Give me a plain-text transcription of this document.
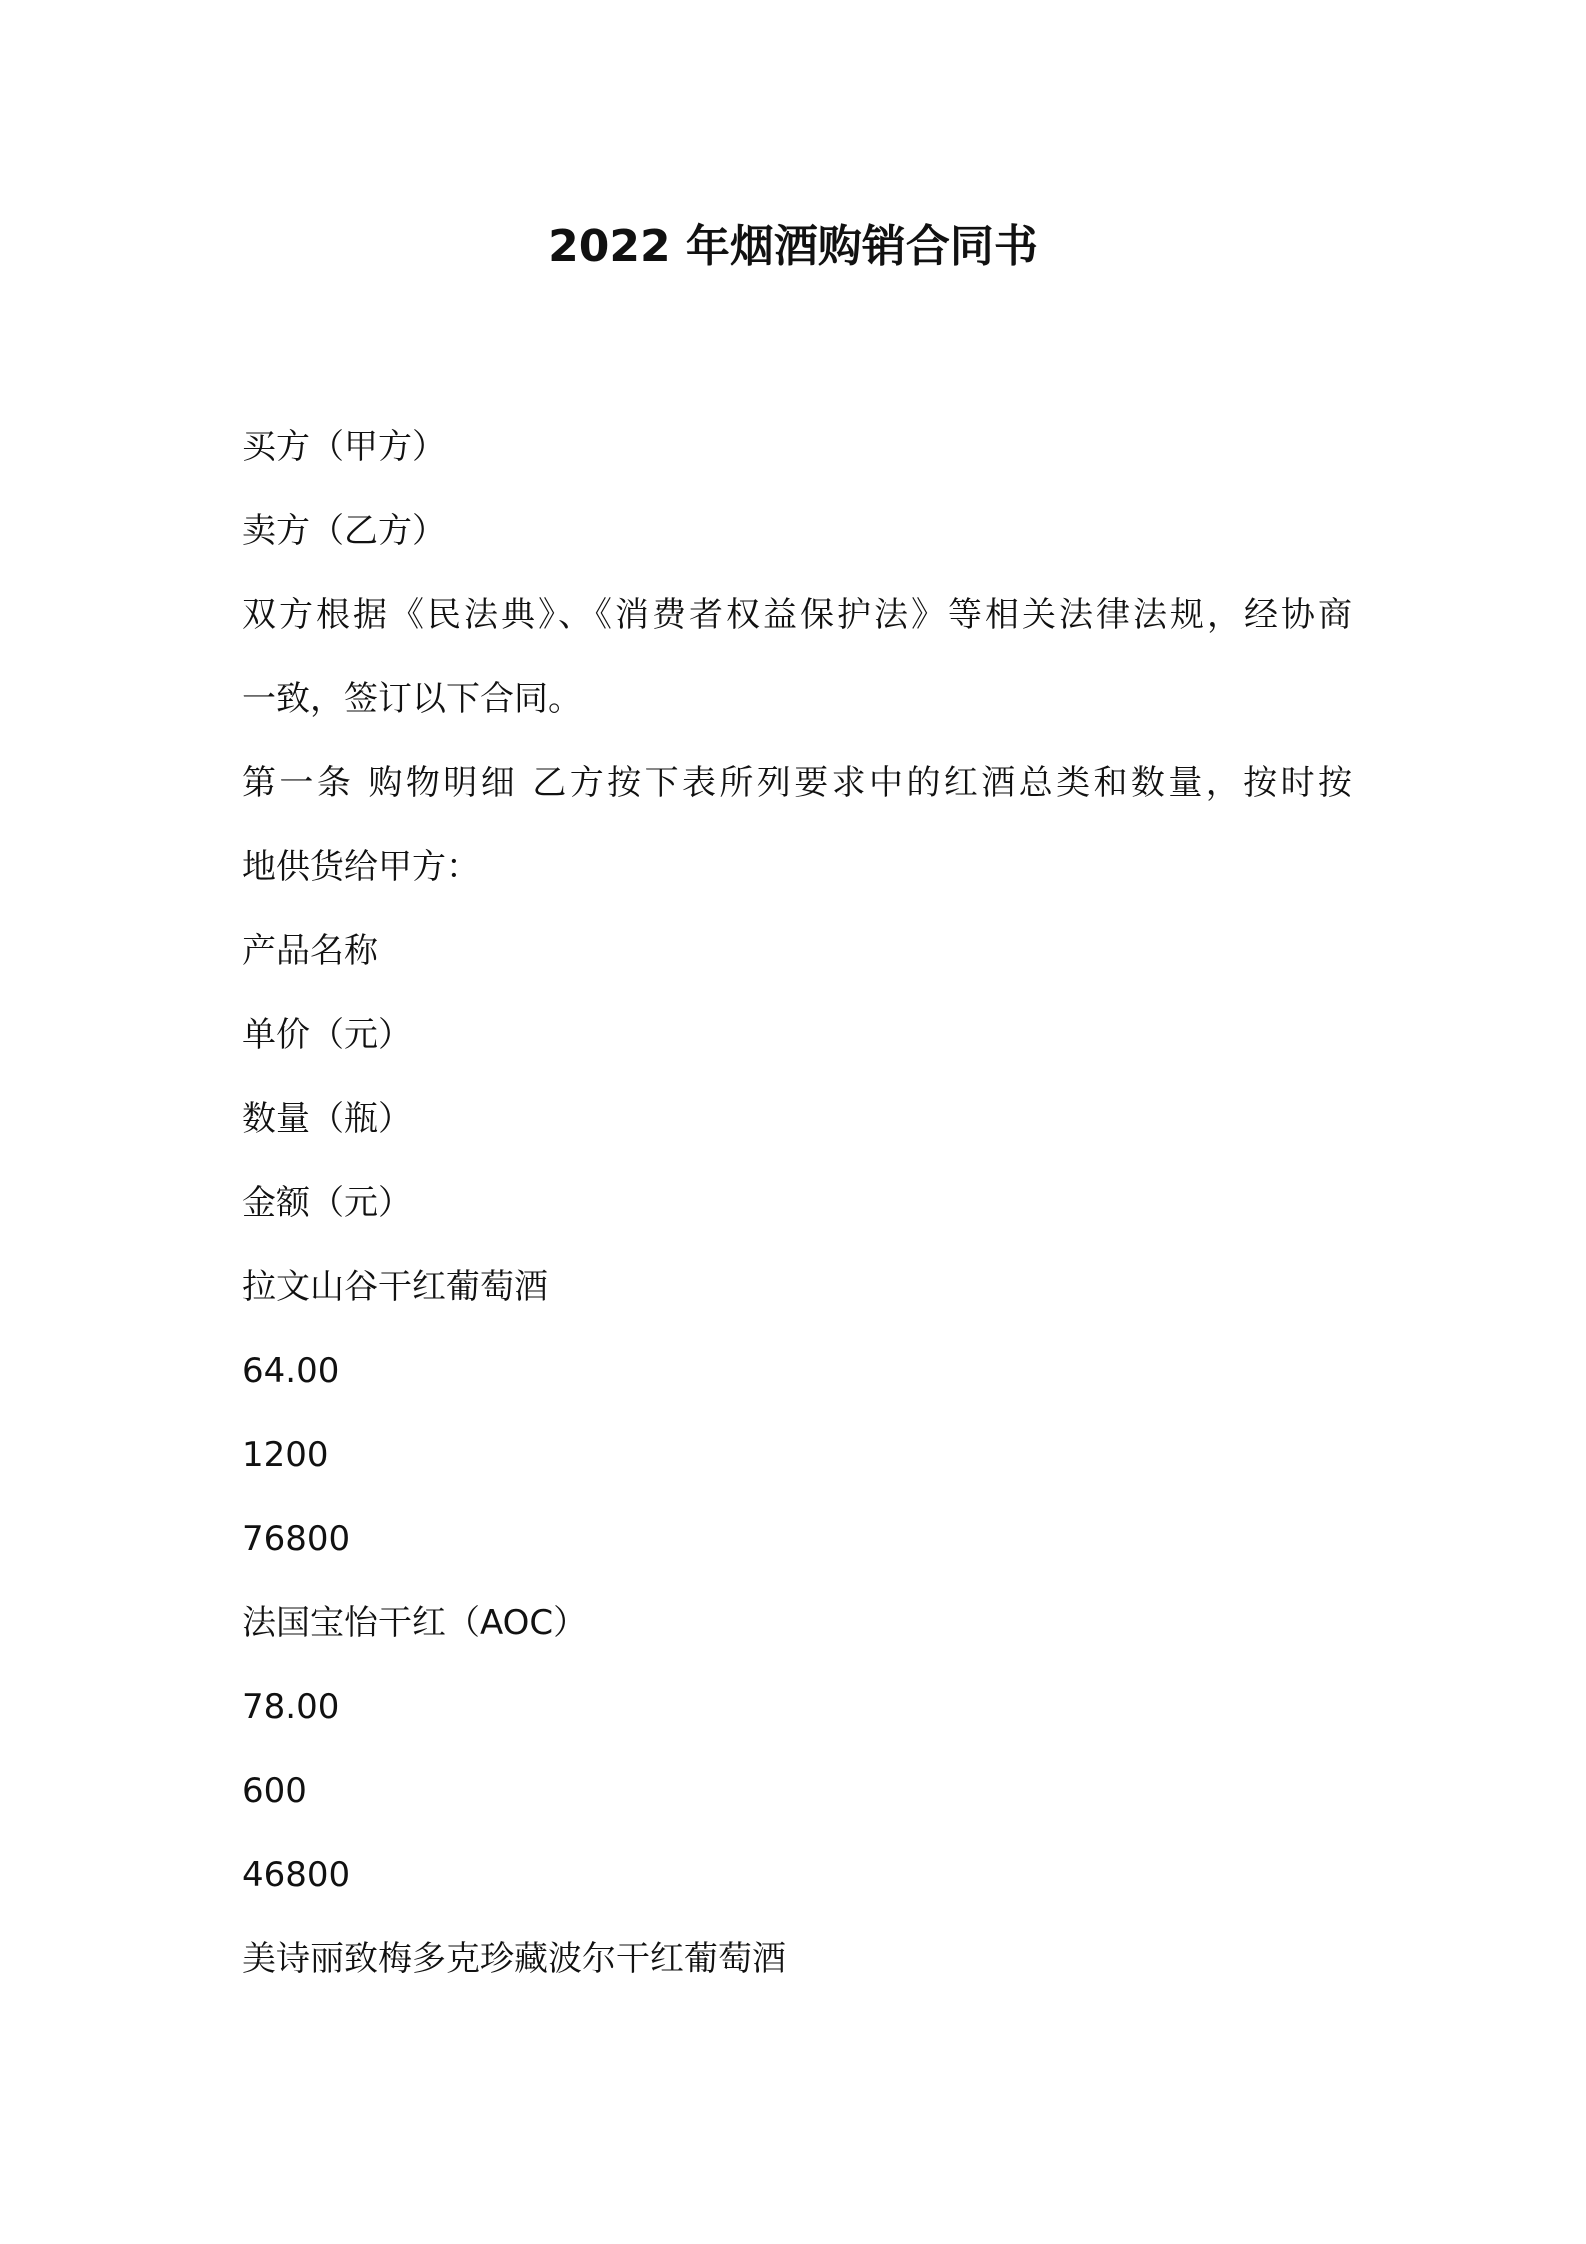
2022 年烟酒购销合同书
买方（甲方）
卖方（乙方）
双方根据《民法典》、《消费者权益保护法》等相关法律法规，经协商
一致，签订以下合同。
第一条 购物明细 乙方按下表所列要求中的红酒总类和数量，按时按
地供货给甲方：
产品名称
单价（元）
数量（瓶）
金额（元）
拉文山谷干红葡萄酒
64.00
1200
76800
法国宝怡干红（AOC）
78.00
600
46800
美诗丽致梅多克珍藏波尔干红葡萄酒
